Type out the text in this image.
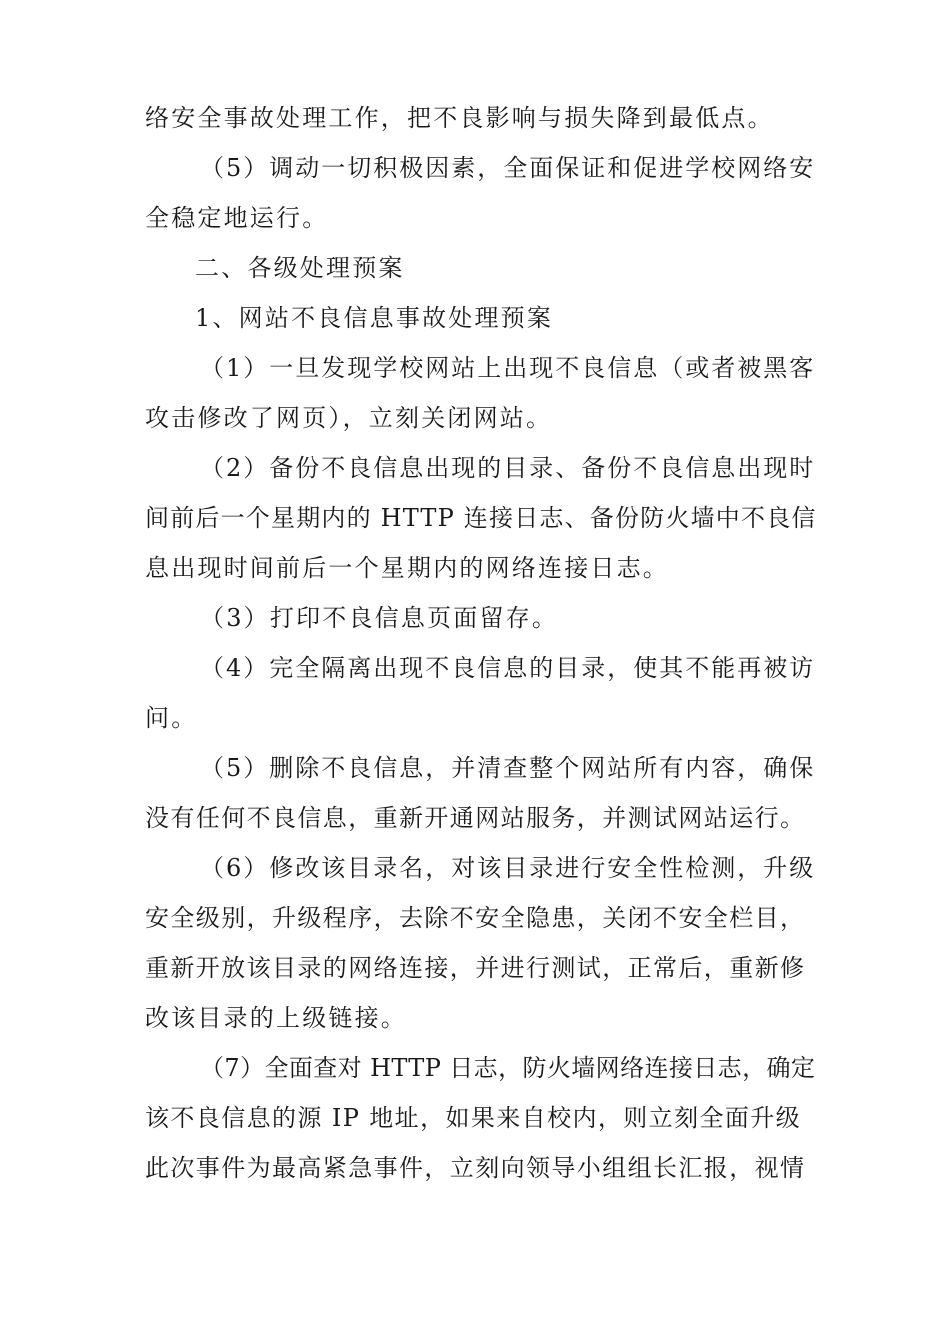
络安全事故处理工作，把不良影响与损失降到最低点。
（5）调动一切积极因素，全面保证和促进学校网络安
全稳定地运行。
二、各级处理预案
1、网站不良信息事故处理预案
（1）一旦发现学校网站上出现不良信息（或者被黑客
攻击修改了网页），立刻关闭网站。
（2）备份不良信息出现的目录、备份不良信息出现时
间前后一个星期内的 HTTP 连接日志、备份防火墙中不良信
息出现时间前后一个星期内的网络连接日志。
（3）打印不良信息页面留存。
（4）完全隔离出现不良信息的目录，使其不能再被访
问。
（5）删除不良信息，并清查整个网站所有内容，确保
没有任何不良信息，重新开通网站服务，并测试网站运行。
（6）修改该目录名，对该目录进行安全性检测，升级
安全级别，升级程序，去除不安全隐患，关闭不安全栏目，
重新开放该目录的网络连接，并进行测试，正常后，重新修
改该目录的上级链接。
（7）全面查对 HTTP 日志，防火墙网络连接日志，确定
该不良信息的源 IP 地址，如果来自校内，则立刻全面升级
此次事件为最高紧急事件，立刻向领导小组组长汇报，视情
